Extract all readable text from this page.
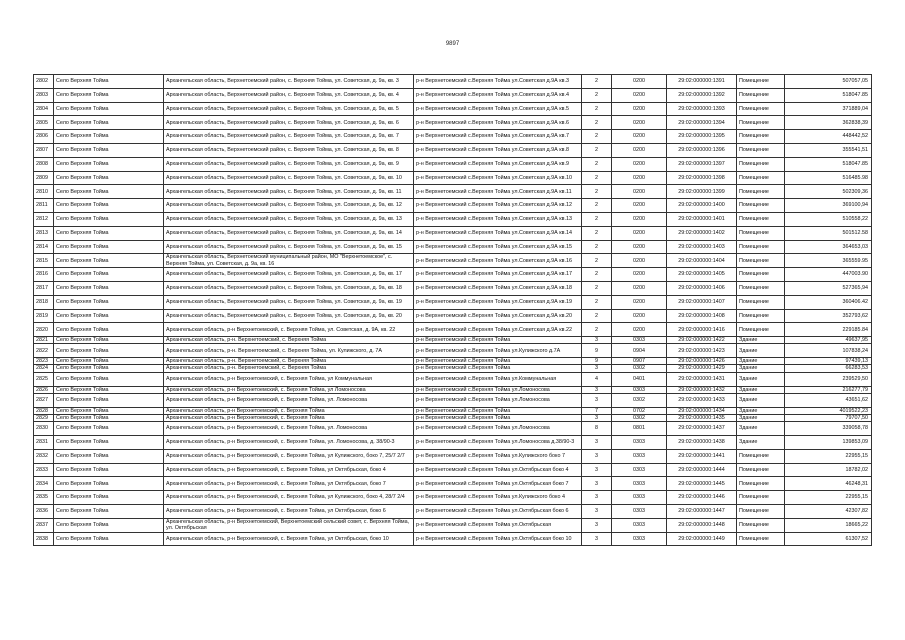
9897
2802	Село Верхняя Тойма	Архангельская область, Верхнетоемский район, с. Верхняя Тойма, ул. Советская, д. 9а, кв. 3	р-н Верхнетоемский с.Верхняя Тойма ул.Советская д.9А кв.3	2	0200	29:02:000000:1391	Помещение	507057,05
2803	Село Верхняя Тойма	Архангельская область, Верхнетоемский район, с. Верхняя Тойма, ул. Советская, д. 9а, кв. 4	р-н Верхнетоемский с.Верхняя Тойма ул.Советская д.9А кв.4	2	0200	29:02:000000:1392	Помещение	518047.85
2804	Село Верхняя Тойма	Архангельская область, Верхнетоемский район, с. Верхняя Тойма, ул. Советская, д. 9а, кв. 5	р-н Верхнетоемский с.Верхняя Тойма ул.Советская д.9А кв.5	2	0200	29:02:000000:1393	Помещение	371889,04
2805	Село Верхняя Тойма	Архангельская область, Верхнетоемский район, с. Верхняя Тойма, ул. Советская, д. 9а, кв. 6	р-н Верхнетоемский с.Верхняя Тойма ул.Советская д.9А кв.6	2	0200	29:02:000000:1394	Помещение	362838,39
2806	Село Верхняя Тойма	Архангельская область, Верхнетоемский район, с. Верхняя Тойма, ул. Советская, д. 9а, кв. 7	р-н Верхнетоемский с.Верхняя Тойма ул.Советская д.9А кв.7	2	0200	29:02:000000:1395	Помещение	448442,52
2807	Село Верхняя Тойма	Архангельская область, Верхнетоемский район, с. Верхняя Тойма, ул. Советская, д. 9а, кв. 8	р-н Верхнетоемский с.Верхняя Тойма ул.Советская д.9А кв.8	2	0200	29:02:000000:1396	Помещение	355541,51
2808	Село Верхняя Тойма	Архангельская область, Верхнетоемский район, с. Верхняя Тойма, ул. Советская, д. 9а, кв. 9	р-н Верхнетоемский с.Верхняя Тойма ул.Советская д.9А кв.9	2	0200	29:02:000000:1397	Помещение	518047.85
2809	Село Верхняя Тойма	Архангельская область, Верхнетоемский район, с. Верхняя Тойма, ул. Советская, д. 9а, кв. 10	р-н Верхнетоемский с.Верхняя Тойма ул.Советская д.9А кв.10	2	0200	29:02:000000:1398	Помещение	516485.98
2810	Село Верхняя Тойма	Архангельская область, Верхнетоемский район, с. Верхняя Тойма, ул. Советская, д. 9а, кв. 11	р-н Верхнетоемский с.Верхняя Тойма ул.Советская д.9А кв.11	2	0200	29:02:000000:1399	Помещение	502309,36
2811	Село Верхняя Тойма	Архангельская область, Верхнетоемский район, с. Верхняя Тойма, ул. Советская, д. 9а, кв. 12	р-н Верхнетоемский с.Верхняя Тойма ул.Советская д.9А кв.12	2	0200	29:02:000000:1400	Помещение	369100,94
2812	Село Верхняя Тойма	Архангельская область, Верхнетоемский район, с. Верхняя Тойма, ул. Советская, д. 9а, кв. 13	р-н Верхнетоемский с.Верхняя Тойма ул.Советская д.9А кв.13	2	0200	29:02:000000:1401	Помещение	510558,22
2813	Село Верхняя Тойма	Архангельская область, Верхнетоемский район, с. Верхняя Тойма, ул. Советская, д. 9а, кв. 14	р-н Верхнетоемский с.Верхняя Тойма ул.Советская д.9А кв.14	2	0200	29:02:000000:1402	Помещение	501512.58
2814	Село Верхняя Тойма	Архангельская область, Верхнетоемский район, с. Верхняя Тойма, ул. Советская, д. 9а, кв. 15	р-н Верхнетоемский с.Верхняя Тойма ул.Советская д.9А кв.15	2	0200	29:02:000000:1403	Помещение	364653,03
2815	Село Верхняя Тойма	Архангельская область, Верхнетоемский муниципальный район, МО "Верхнетоемское", с. Верхняя Тойма, ул. Советская, д. 9а, кв. 16	р-н Верхнетоемский с.Верхняя Тойма ул.Советская д.9А кв.16	2	0200	29:02:000000:1404	Помещение	365559.95
2816	Село Верхняя Тойма	Архангельская область, Верхнетоемский район, с. Верхняя Тойма, ул. Советская, д. 9а, кв. 17	р-н Верхнетоемский с.Верхняя Тойма ул.Советская д.9А кв.17	2	0200	29:02:000000:1405	Помещение	447003.90
2817	Село Верхняя Тойма	Архангельская область, Верхнетоемский район, с. Верхняя Тойма, ул. Советская, д. 9а, кв. 18	р-н Верхнетоемский с.Верхняя Тойма ул.Советская д.9А кв.18	2	0200	29:02:000000:1406	Помещение	527365,94
2818	Село Верхняя Тойма	Архангельская область, Верхнетоемский район, с. Верхняя Тойма, ул. Советская, д. 9а, кв. 19	р-н Верхнетоемский с.Верхняя Тойма ул.Советская д.9А кв.19	2	0200	29:02:000000:1407	Помещение	360406.42
2819	Село Верхняя Тойма	Архангельская область, Верхнетоемский район, с. Верхняя Тойма, ул. Советская, д. 9а, кв. 20	р-н Верхнетоемский с.Верхняя Тойма ул.Советская д.9А кв.20	2	0200	29:02:000000:1408	Помещение	352793,62
2820	Село Верхняя Тойма	Архангельская область, р-н Верхнетоемский, с. Верхняя Тойма, ул. Советская, д. 9А, кв. 22	р-н Верхнетоемский с.Верхняя Тойма ул.Советская д.9А кв.22	2	0200	29:02:000000:1416	Помещение	229185.84
2821	Село Верхняя Тойма	Архангельская область, р-н. Верхнетоемский, с. Верхняя Тойма	р-н Верхнетоемский с.Верхняя Тойма	3	0303	29:02:000000:1422	Здание	49637,95
2822	Село Верхняя Тойма	Архангельская область, р-н. Верхнетоемский, с. Верхняя Тойма, ул. Кулижского, д. 7А	р-н Верхнетоемский с.Верхняя Тойма ул.Кулижского д.7А	9	0904	29:02:000000:1423	Здание	107838,24
2823	Село Верхняя Тойма	Архангельская область, р-н. Верхнетоемский, с. Верхняя Тойма	р-н Верхнетоемский с.Верхняя Тойма	9	0907	29:02:000000:1426	Здание	97439,13
2824	Село Верхняя Тойма	Архангельская область, р-н. Верхнетоемский, с. Верхняя Тойма	р-н Верхнетоемский с.Верхняя Тойма	3	0302	29:02:000000:1429	Здание	66283,53
2825	Село Верхняя Тойма	Архангельская область, р-н Верхнетоемский, с. Верхняя Тойма, ул Коммунальная	р-н Верхнетоемский с.Верхняя Тойма ул.Коммунальная	4	0401	29:02:000000:1431	Здание	239529,50
2826	Село Верхняя Тойма	Архангельская область, р-н Верхнетоемский, с. Верхняя Тойма, ул Ломоносова	р-н Верхнетоемский с.Верхняя Тойма ул.Ломоносова	3	0303	29:02:000000:1432	Здание	216277,79
2827	Село Верхняя Тойма	Архангельская область, р-н Верхнетоемский, с. Верхняя Тойма, ул. Ломоносова	р-н Верхнетоемский с.Верхняя Тойма ул.Ломоносова	3	0302	29:02:000000:1433	Здание	43651,62
2828	Село Верхняя Тойма	Архангельская область, р-н Верхнетоемский, с. Верхняя Тойма	р-н Верхнетоемский с.Верхняя Тойма	7	0702	29:02:000000:1434	Здание	4019522,23
2829	Село Верхняя Тойма	Архангельская область, р-н Верхнетоемский, с. Верхняя Тойма	р-н Верхнетоемский с.Верхняя Тойма	3	0302	29:02:000000:1435	Здание	79707,50
2830	Село Верхняя Тойма	Архангельская область, р-н Верхнетоемский, с. Верхняя Тойма, ул. Ломоносова	р-н Верхнетоемский с.Верхняя Тойма ул.Ломоносова	8	0801	29:02:000000:1437	Здание	339058,78
2831	Село Верхняя Тойма	Архангельская область, р-н Верхнетоемский, с. Верхняя Тойма, ул. Ломоносова, д. 38/90-3	р-н Верхнетоемский с.Верхняя Тойма ул.Ломоносова д.38/90-3	3	0303	29:02:000000:1438	Здание	139853,09
2832	Село Верхняя Тойма	Архангельская область, р-н Верхнетоемский, с. Верхняя Тойма, ул Кулижского, боко 7, 25/7 2/7	р-н Верхнетоемский с.Верхняя Тойма ул.Кулижского боко 7	3	0303	29:02:000000:1441	Помещение	22955,15
2833	Село Верхняя Тойма	Архангельская область, р-н Верхнетоемский, с. Верхняя Тойма, ул Октябрьская, боко 4	р-н Верхнетоемский с.Верхняя Тойма ул.Октябрьская боко 4	3	0303	29:02:000000:1444	Помещение	18782,02
2834	Село Верхняя Тойма	Архангельская область, р-н Верхнетоемский, с. Верхняя Тойма, ул Октябрьская, боко 7	р-н Верхнетоемский с.Верхняя Тойма ул.Октябрьская боко 7	3	0303	29:02:000000:1445	Помещение	46248,31
2835	Село Верхняя Тойма	Архангельская область, р-н Верхнетоемский, с. Верхняя Тойма, ул Кулижского, боко 4, 28/7 2/4	р-н Верхнетоемский с.Верхняя Тойма ул.Кулижского боко 4	3	0303	29:02:000000:1446	Помещение	22955,15
2836	Село Верхняя Тойма	Архангельская область, р-н Верхнетоемский, с. Верхняя Тойма, ул Октябрьская, боко 6	р-н Верхнетоемский с.Верхняя Тойма ул.Октябрьская боко 6	3	0303	29:02:000000:1447	Помещение	42307,82
2837	Село Верхняя Тойма	Архангельская область, р-н Верхнетоемский, Верхнетоемский сельский совет, с. Верхняя Тойма, ул. Октябрьская	р-н Верхнетоемский с.Верхняя Тойма ул.Октябрьская	3	0303	29:02:000000:1448	Помещение	18665,22
2838	Село Верхняя Тойма	Архангельская область, р-н Верхнетоемский, с. Верхняя Тойма, ул Октябрьская, боко 10	р-н Верхнетоемский с.Верхняя Тойма ул.Октябрьская боко 10	3	0303	29:02:000000:1449	Помещение	61307,52
